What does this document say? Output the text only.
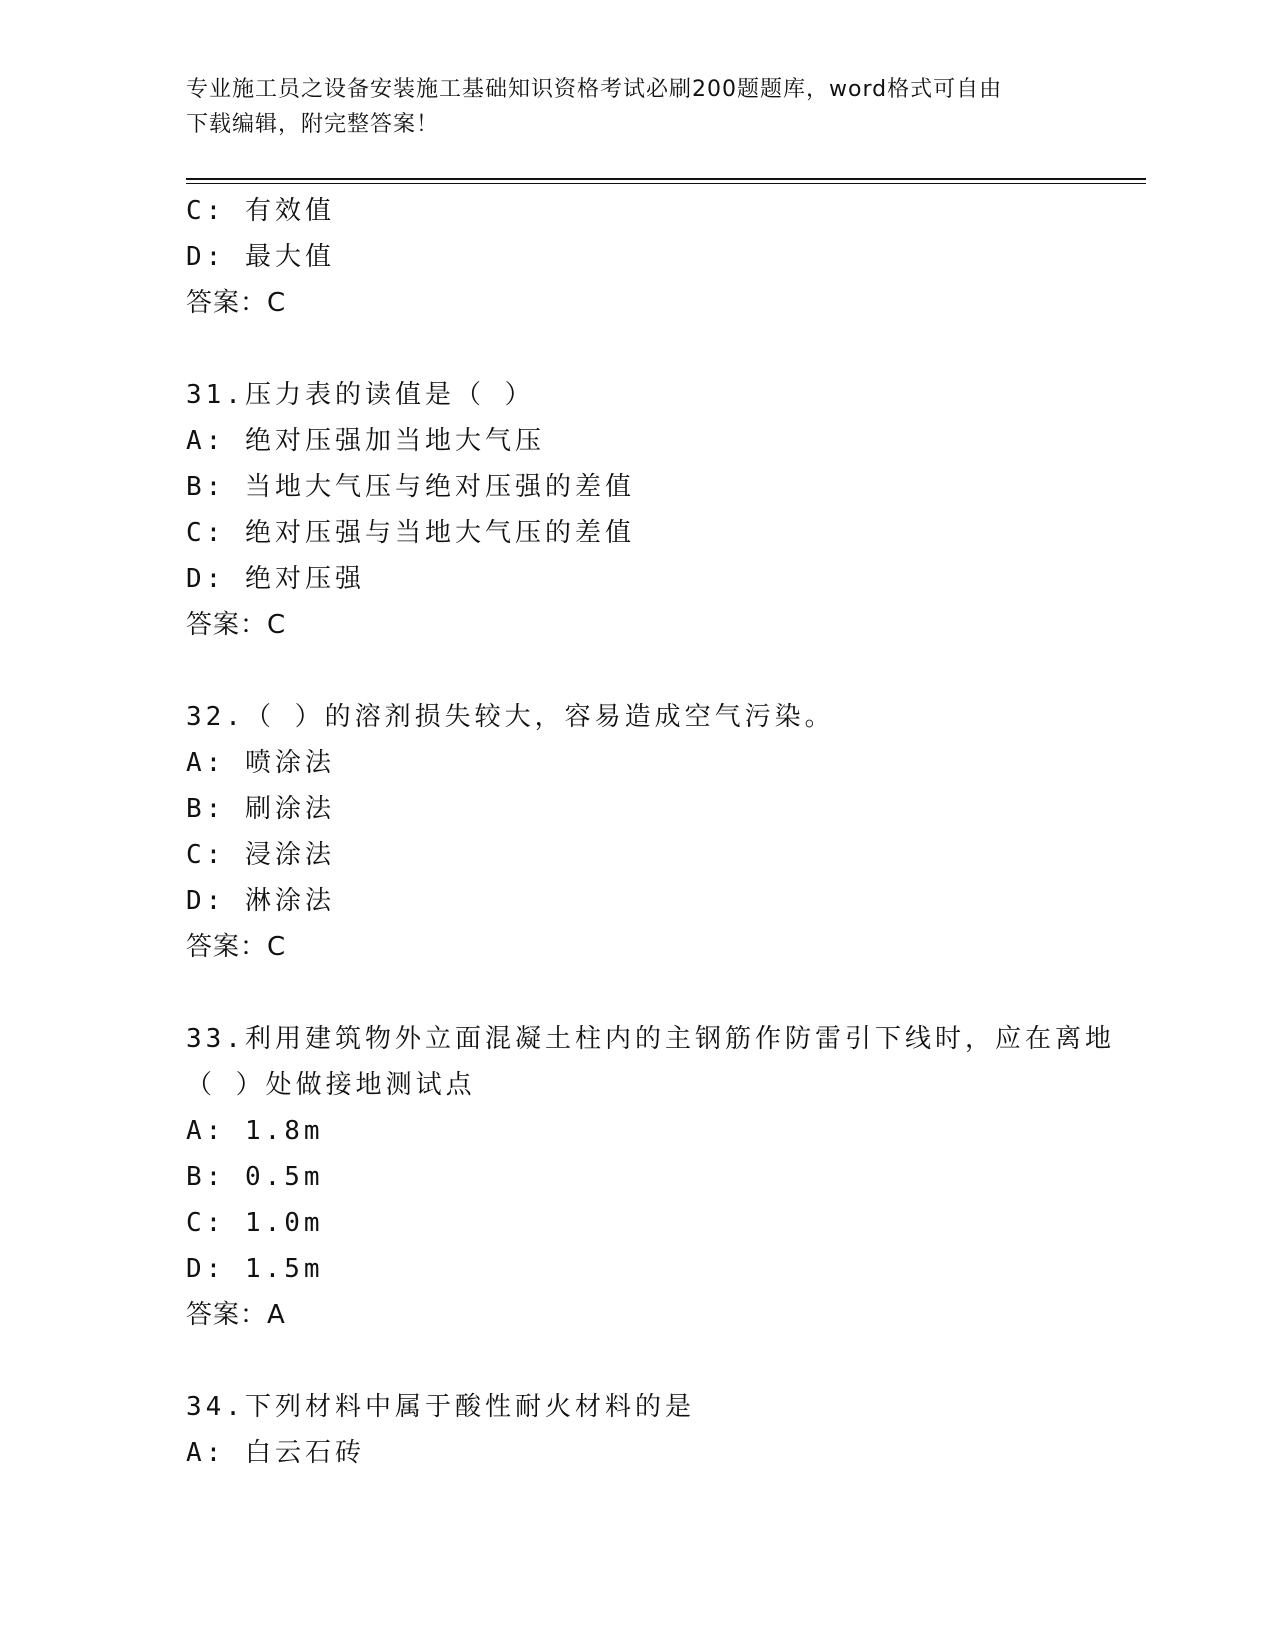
专业施工员之设备安装施工基础知识资格考试必刷200题题库，word格式可自由
下载编辑，附完整答案！
C: 有效值
D: 最大值
答案：C
31.压力表的读值是（ ）
A: 绝对压强加当地大气压
B: 当地大气压与绝对压强的差值
C: 绝对压强与当地大气压的差值
D: 绝对压强
答案：C
32.（ ）的溶剂损失较大，容易造成空气污染。
A: 喷涂法
B: 刷涂法
C: 浸涂法
D: 淋涂法
答案：C
33.利用建筑物外立面混凝土柱内的主钢筋作防雷引下线时，应在离地
（ ）处做接地测试点
A: 1.8m
B: 0.5m
C: 1.0m
D: 1.5m
答案：A
34.下列材料中属于酸性耐火材料的是
A: 白云石砖
